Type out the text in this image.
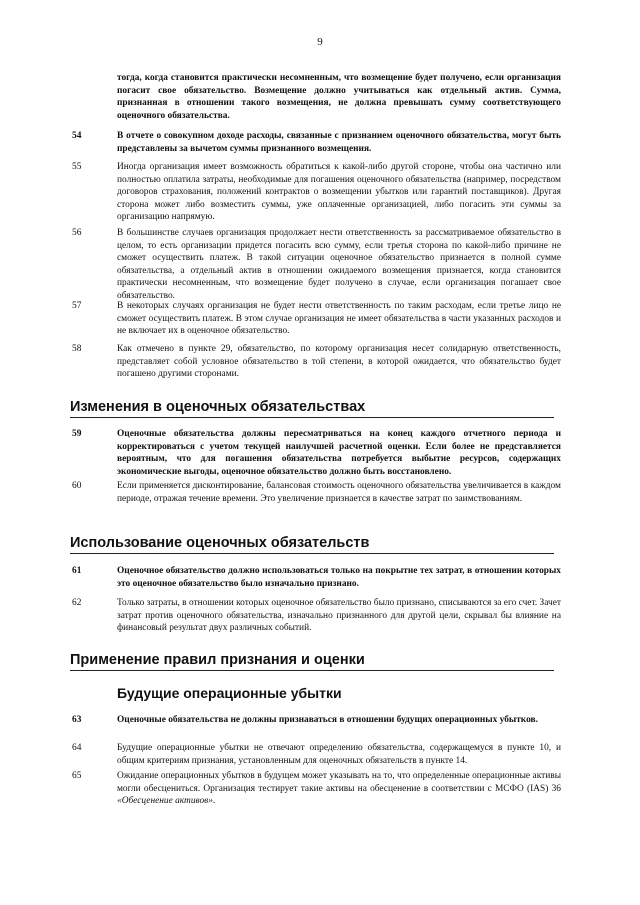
9
тогда, когда становится практически несомненным, что возмещение будет получено, если организация погасит свое обязательство. Возмещение должно учитываться как отдельный актив. Сумма, признанная в отношении такого возмещения, не должна превышать сумму соответствующего оценочного обязательства.
54	В отчете о совокупном доходе расходы, связанные с признанием оценочного обязательства, могут быть представлены за вычетом суммы признанного возмещения.
55	Иногда организация имеет возможность обратиться к какой-либо другой стороне, чтобы она частично или полностью оплатила затраты, необходимые для погашения оценочного обязательства (например, посредством договоров страхования, положений контрактов о возмещении убытков или гарантий поставщиков). Другая сторона может либо возместить суммы, уже оплаченные организацией, либо погасить эти суммы за организацию напрямую.
56	В большинстве случаев организация продолжает нести ответственность за рассматриваемое обязательство в целом, то есть организации придется погасить всю сумму, если третья сторона по какой-либо причине не сможет осуществить платеж. В такой ситуации оценочное обязательство признается в полной сумме обязательства, а отдельный актив в отношении ожидаемого возмещения признается, когда становится практически несомненным, что возмещение будет получено в случае, если организация погашает свое обязательство.
57	В некоторых случаях организация не будет нести ответственность по таким расходам, если третье лицо не сможет осуществить платеж. В этом случае организация не имеет обязательства в части указанных расходов и не включает их в оценочное обязательство.
58	Как отмечено в пункте 29, обязательство, по которому организация несет солидарную ответственность, представляет собой условное обязательство в той степени, в которой ожидается, что обязательство будет погашено другими сторонами.
Изменения в оценочных обязательствах
59	Оценочные обязательства должны пересматриваться на конец каждого отчетного периода и корректироваться с учетом текущей наилучшей расчетной оценки. Если более не представляется вероятным, что для погашения обязательства потребуется выбытие ресурсов, содержащих экономические выгоды, оценочное обязательство должно быть восстановлено.
60	Если применяется дисконтирование, балансовая стоимость оценочного обязательства увеличивается в каждом периоде, отражая течение времени. Это увеличение признается в качестве затрат по заимствованиям.
Использование оценочных обязательств
61	Оценочное обязательство должно использоваться только на покрытие тех затрат, в отношении которых это оценочное обязательство было изначально признано.
62	Только затраты, в отношении которых оценочное обязательство было признано, списываются за его счет. Зачет затрат против оценочного обязательства, изначально признанного для другой цели, скрывал бы влияние на финансовый результат двух различных событий.
Применение правил признания и оценки
Будущие операционные убытки
63	Оценочные обязательства не должны признаваться в отношении будущих операционных убытков.
64	Будущие операционные убытки не отвечают определению обязательства, содержащемуся в пункте 10, и общим критериям признания, установленным для оценочных обязательств в пункте 14.
65	Ожидание операционных убытков в будущем может указывать на то, что определенные операционные активы могли обесцениться. Организация тестирует такие активы на обесценение в соответствии с МСФО (IAS) 36 «Обесценение активов».
